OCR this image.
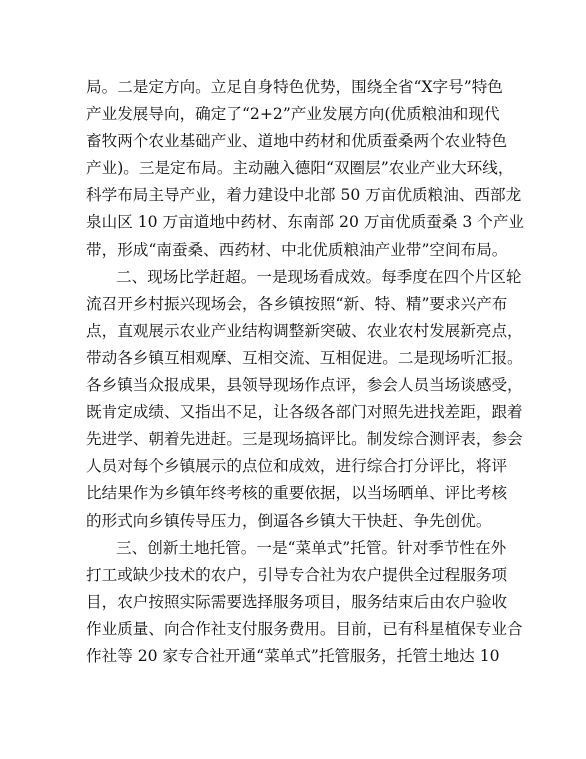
局。二是定方向。立足自身特色优势，围绕全省“X字号”特色
产业发展导向，确定了“2+2”产业发展方向(优质粮油和现代
畜牧两个农业基础产业、道地中药材和优质蚕桑两个农业特色
产业)。三是定布局。主动融入德阳“双圈层”农业产业大环线，
科学布局主导产业，着力建设中北部 50 万亩优质粮油、西部龙
泉山区 10 万亩道地中药材、东南部 20 万亩优质蚕桑 3 个产业
带，形成“南蚕桑、西药材、中北优质粮油产业带”空间布局。

二、现场比学赶超。一是现场看成效。每季度在四个片区轮
流召开乡村振兴现场会，各乡镇按照“新、特、精”要求兴产布
点，直观展示农业产业结构调整新突破、农业农村发展新亮点，
带动各乡镇互相观摩、互相交流、互相促进。二是现场听汇报。
各乡镇当众报成果，县领导现场作点评，参会人员当场谈感受，
既肯定成绩、又指出不足，让各级各部门对照先进找差距，跟着
先进学、朝着先进赶。三是现场搞评比。制发综合测评表，参会
人员对每个乡镇展示的点位和成效，进行综合打分评比，将评
比结果作为乡镇年终考核的重要依据，以当场晒单、评比考核
的形式向乡镇传导压力，倒逼各乡镇大干快赶、争先创优。

三、创新土地托管。一是“菜单式”托管。针对季节性在外
打工或缺少技术的农户，引导专合社为农户提供全过程服务项
目，农户按照实际需要选择服务项目，服务结束后由农户验收
作业质量、向合作社支付服务费用。目前，已有科星植保专业合
作社等 20 家专合社开通“菜单式”托管服务，托管土地达 10
